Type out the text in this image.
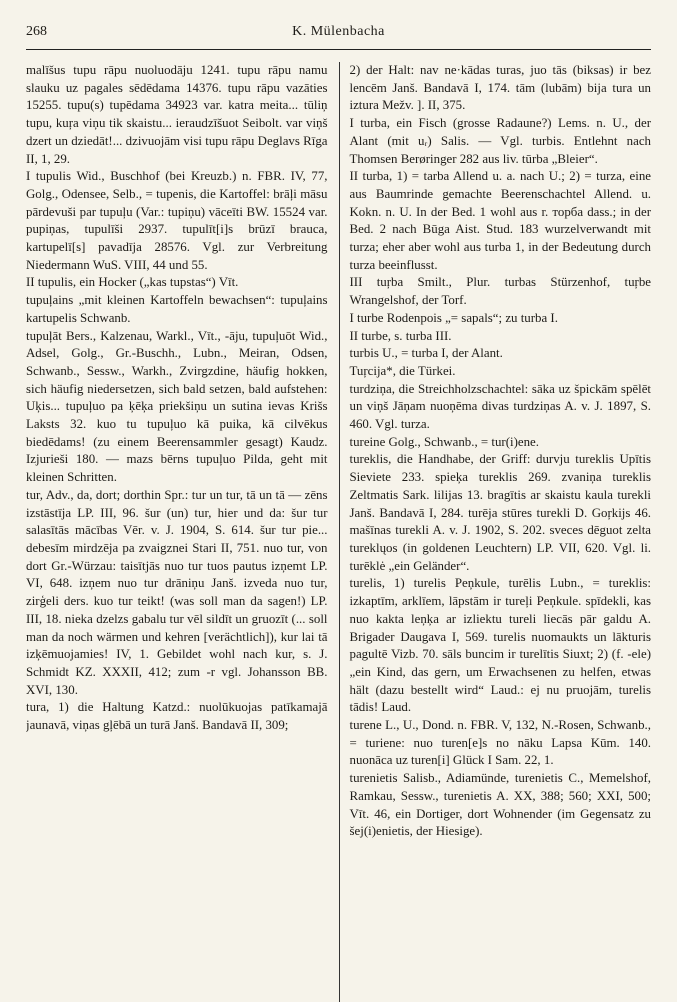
268	K. Mülenbacha

malīšus tupu rāpu nuoluodāju 1241. tupu rāpu namu slauku uz pagales sēdēdama 14376. tupu rāpu vazāties 15255. tupu(s) tupēdama 34923 var. katra meita... tūliņ tupu, kuŗa viņu tik skaistu... ieraudzīšuot Seibolt. var viņš dzert un dziedāt!... dzivuojām visi tupu rāpu Deglavs Rīga II, 1, 29.

I tupulis Wid., Buschhof (bei Kreuzb.) n. FBR. IV, 77, Golg., Odensee, Selb., = tupenis, die Kartoffel: brāļi māsu pārdevuši par tupuļu (Var.: tupiņu) vāceīti BW. 15524 var. pupiņas, tupulīši 2937. tupulīt[i]s brūzī brauca, kartupelī[s] pavadīja 28576. Vgl. zur Verbreitung Niedermann WuS. VIII, 44 und 55.

II tupulis, ein Hocker („kas tupstas“) Vīt.

tupuļains „mit kleinen Kartoffeln bewachsen“: tupuļains kartupelis Schwanb.

tupuļāt Bers., Kalzenau, Warkl., Vīt., -āju, tupuļuōt Wid., Adsel, Golg., Gr.-Buschh., Lubn., Meiran, Odsen, Schwanb., Sessw., Warkh., Zvirgzdine, häufig hokken, sich häufig niedersetzen, sich bald setzen, bald aufstehen: Uķis... tupuļuo pa ķēķa priekšiņu un sutina ievas Krišs Laksts 32. kuo tu tupuļuo kā puika, kā cilvēkus biedēdams! (zu einem Beerensammler gesagt) Kaudz. Izjurieši 180. — mazs bērns tupuļuo Pilda, geht mit kleinen Schritten.

tur, Adv., da, dort; dorthin Spr.: tur un tur, tā un tā — zēns izstāstīja LP. III, 96. šur (un) tur, hier und da: šur tur salasītās mācības Vēr. v. J. 1904, S. 614. šur tur pie... debesīm mirdzēja pa zvaigznei Stari II, 751. nuo tur, von dort Gr.-Würzau: taisītjās nuo tur tuos pautus izņemt LP. VI, 648. izņem nuo tur drāniņu Janš. izveda nuo tur, zirģeli ders. kuo tur teikt! (was soll man da sagen!) LP. III, 18. nieka dzelzs gabalu tur vēl sildīt un gruozīt (... soll man da noch wärmen und kehren [verächtlich]), kur lai tā izķēmuojamies! IV, 1. Gebildet wohl nach kur, s. J. Schmidt KZ. XXXII, 412; zum -r vgl. Johansson BB. XVI, 130.

tura, 1) die Haltung Katzd.: nuolūkuojas patīkamajā jaunavā, viņas gļēbā un turā Janš. Bandavā II, 309;

2) der Halt: nav ne·kādas turas, juo tās (biksas) ir bez lencēm Janš. Bandavā I, 174. tām (lubām) bija tura un izturа Mežv. ]. II, 375.

I turba, ein Fisch (grosse Radaune?) Lems. n. U., der Alant (mit uᵣ) Salis. — Vgl. turbis. Entlehnt nach Thomsen Berøringer 282 aus liv. tūrba „Bleier“.

II turba, 1) = tarba Allend u. a. nach U.; 2) = turza, eine aus Baumrinde gemachte Beerenschachtel Allend. u. Kokn. n. U. In der Bed. 1 wohl aus r. торба dass.; in der Bed. 2 nach Būga Aist. Stud. 183 wurzelverwandt mit turza; eher aber wohl aus turba 1, in der Bedeutung durch turza beeinflusst.

III tuŗba Smilt., Plur. turbas Stürzenhof, tuŗbe Wrangelshof, der Torf.

I turbe Rodenpois „= sapals“; zu turba I.

II turbe, s. turba III.

turbis U., = turba I, der Alant.

Tuŗcija*, die Türkei.

turdziņa, die Streichholzschachtel: sāka uz špickām spēlēt un viņš Jāņam nuoņēma divas turdziņas A. v. J. 1897, S. 460. Vgl. turza.

tureine Golg., Schwanb., = tur(i)ene.

tureklis, die Handhabe, der Griff: durvju tureklis Upītis Sieviete 233. spieķa tureklis 269. zvaniņa tureklis Zeltmatis Sark. lilijas 13. bragītis ar skaistu kaula turekli Janš. Bandavā I, 284. turēja stūres turekli D. Goŗkijs 46. mašīnas turekli A. v. J. 1902, S. 202. sveces dēguot zelta tureklųos (in goldenen Leuchtern) LP. VII, 620. Vgl. li. turēklė „ein Geländer“.

turelis, 1) turelis Peņkule, turēlis Lubn., = tureklis: izkaptīm, arklīem, lāpstām ir tureļi Peņkule. spīdekli, kas nuo kakta leņķa ar izliektu tureli liecās pār galdu A. Brigader Daugava I, 569. turelis nuomaukts un lākturis pagultē Vizb. 70. sāls buncim ir turelītis Siuxt; 2) (f. -ele) „ein Kind, das gern, um Erwachsenen zu helfen, etwas hält (dazu bestellt wird“ Laud.: ej nu pruojām, turelis tādis! Laud.

turene L., U., Dond. n. FBR. V, 132, N.-Rosen, Schwanb., = turiene: nuo turen[e]s no nāku Lapsa Kūm. 140. nuonāca uz turen[i] Glück I Sam. 22, 1.

turenietis Salisb., Adiamünde, turenietis C., Memelshof, Ramkau, Sessw., turenietis A. XX, 388; 560; XXI, 500; Vīt. 46, ein Dortiger, dort Wohnender (im Gegensatz zu šej(i)enietis, der Hiesige).
